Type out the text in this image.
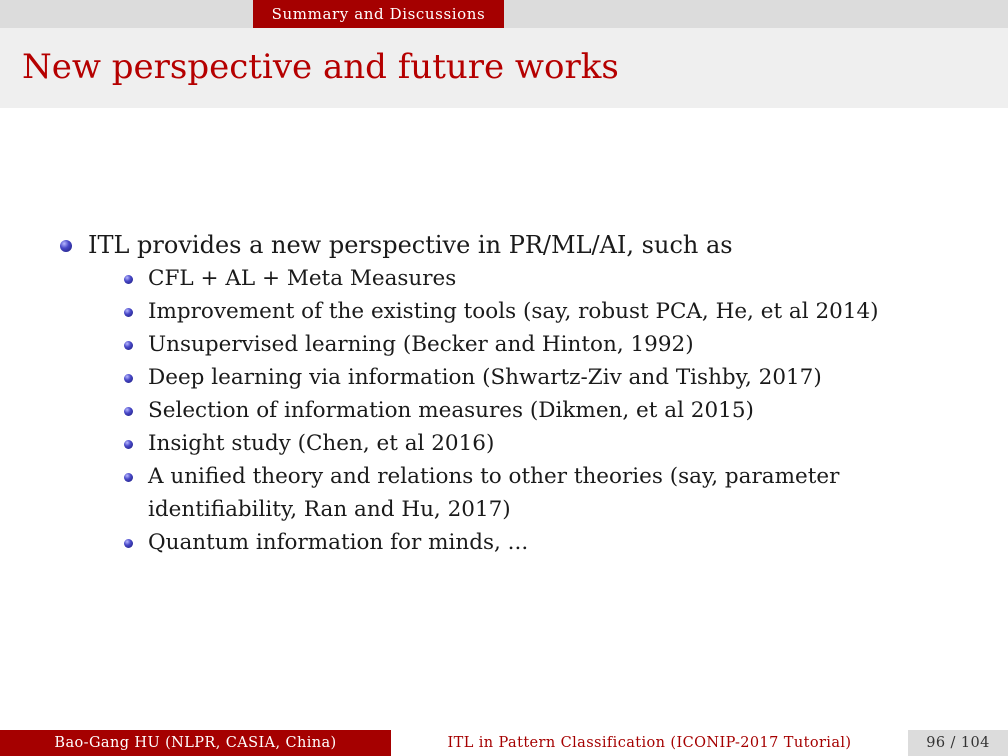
Summary and Discussions
New perspective and future works
ITL provides a new perspective in PR/ML/AI, such as
CFL + AL + Meta Measures
Improvement of the existing tools (say, robust PCA, He, et al 2014)
Unsupervised learning (Becker and Hinton, 1992)
Deep learning via information (Shwartz-Ziv and Tishby, 2017)
Selection of information measures (Dikmen, et al 2015)
Insight study (Chen, et al 2016)
A unified theory and relations to other theories (say, parameter identifiability, Ran and Hu, 2017)
Quantum information for minds, ...
Bao-Gang HU (NLPR, CASIA, China)	ITL in Pattern Classification (ICONIP-2017 Tutorial)	96 / 104
